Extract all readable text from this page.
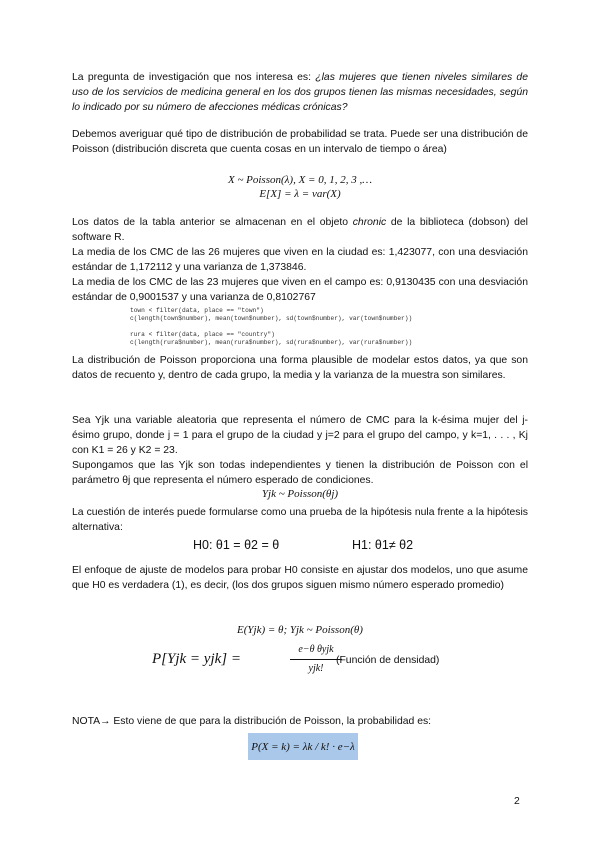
La pregunta de investigación que nos interesa es: ¿las mujeres que tienen niveles similares de uso de los servicios de medicina general en los dos grupos tienen las mismas necesidades, según lo indicado por su número de afecciones médicas crónicas?
Debemos averiguar qué tipo de distribución de probabilidad se trata. Puede ser una distribución de Poisson (distribución discreta que cuenta cosas en un intervalo de tiempo o área)
X ~ Poisson(λ), X = 0, 1, 2, 3 ,…
E[X] = λ = var(X)
Los datos de la tabla anterior se almacenan en el objeto chronic de la biblioteca (dobson) del software R.
La media de los CMC de las 26 mujeres que viven en la ciudad es: 1,423077, con una desviación estándar de 1,172112 y una varianza de 1,373846.
La media de los CMC de las 23 mujeres que viven en el campo es: 0,9130435 con una desviación estándar de 0,9001537 y una varianza de 0,8102767
town < filter(data, place == "town")
c(length(town$number), mean(town$number), sd(town$number), var(town$number))
rura < filter(data, place == "country")
c(length(rura$number), mean(rura$number), sd(rura$number), var(rura$number))
La distribución de Poisson proporciona una forma plausible de modelar estos datos, ya que son datos de recuento y, dentro de cada grupo, la media y la varianza de la muestra son similares.
Sea Yjk una variable aleatoria que representa el número de CMC para la k-ésima mujer del j-ésimo grupo, donde j = 1 para el grupo de la ciudad y j=2 para el grupo del campo, y k=1, . . . , Kj con K1 = 26 y K2 = 23.
Supongamos que las Yjk son todas independientes y tienen la distribución de Poisson con el parámetro θj que representa el número esperado de condiciones.
Yjk ~ Poisson(θj)
La cuestión de interés puede formularse como una prueba de la hipótesis nula frente a la hipótesis alternativa:
H0: θ1 = θ2 = θ	H1: θ1≠ θ2
El enfoque de ajuste de modelos para probar H0 consiste en ajustar dos modelos, uno que asume que H0 es verdadera (1), es decir, (los dos grupos siguen mismo número esperado promedio)
E(Yjk) = θ; Yjk ~ Poisson(θ)
P[Yjk = yjk] =
e−θ θyjk
yjk!
(Función de densidad)
NOTA→ Esto viene de que para la distribución de Poisson, la probabilidad es:
P(X = k) = λk / k! · e−λ
2
